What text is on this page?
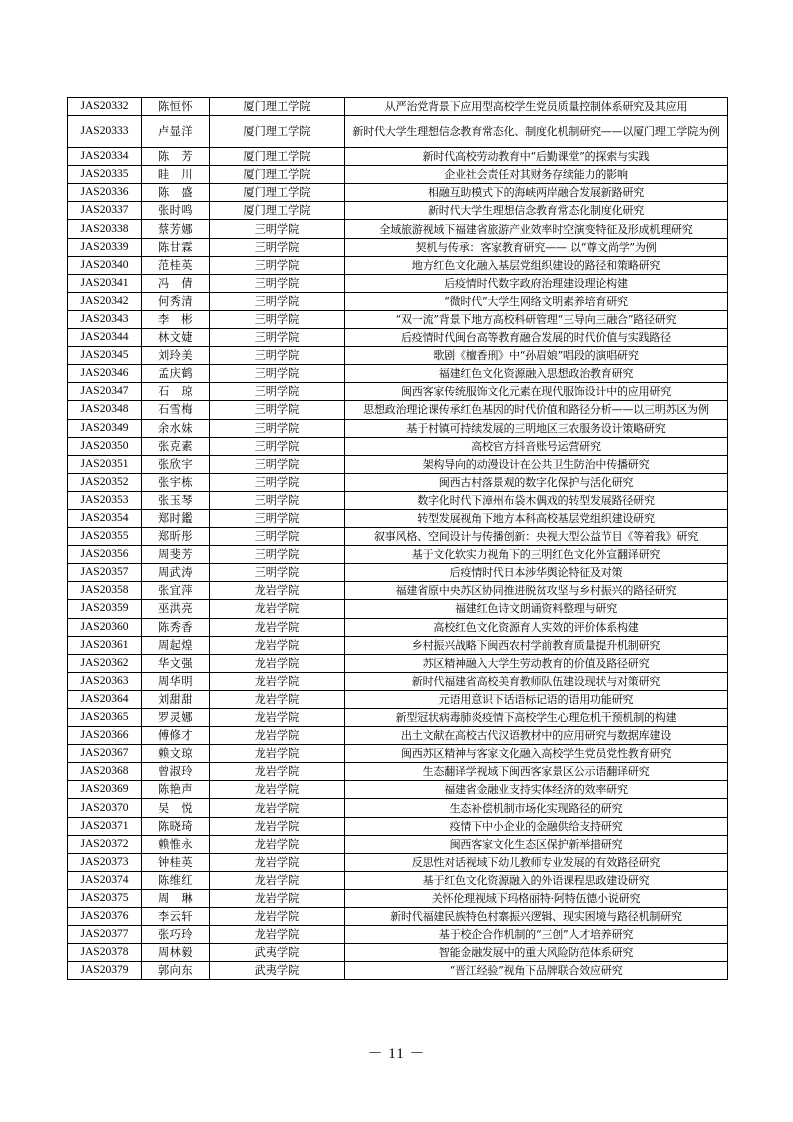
JAS20332	陈恒怀	厦门理工学院	从严治党背景下应用型高校学生党员质量控制体系研究及其应用
JAS20333	卢显洋	厦门理工学院	新时代大学生理想信念教育常态化、制度化机制研究——以厦门理工学院为例
JAS20334	陈　芳	厦门理工学院	新时代高校劳动教育中“后勤课堂”的探索与实践
JAS20335	眭　川	厦门理工学院	企业社会责任对其财务存续能力的影响
JAS20336	陈　盛	厦门理工学院	相融互助模式下的海峡两岸融合发展新路研究
JAS20337	张时鸣	厦门理工学院	新时代大学生理想信念教育常态化制度化研究
JAS20338	蔡芳娜	三明学院	全域旅游视域下福建省旅游产业效率时空演变特征及形成机理研究
JAS20339	陈甘霖	三明学院	契机与传承：客家教育研究—— 以“尊文尚学”为例
JAS20340	范桂英	三明学院	地方红色文化融入基层党组织建设的路径和策略研究
JAS20341	冯　倩	三明学院	后疫情时代数字政府治理建设理论构建
JAS20342	何秀清	三明学院	“微时代”大学生网络文明素养培育研究
JAS20343	李　彬	三明学院	“双一流”背景下地方高校科研管理“三导向三融合”路径研究
JAS20344	林文婕	三明学院	后疫情时代闽台高等教育融合发展的时代价值与实践路径
JAS20345	刘玲美	三明学院	歌剧《檀香刑》中“孙眉娘”唱段的演唱研究
JAS20346	孟庆鹤	三明学院	福建红色文化资源融入思想政治教育研究
JAS20347	石　琼	三明学院	闽西客家传统服饰文化元素在现代服饰设计中的应用研究
JAS20348	石雪梅	三明学院	思想政治理论课传承红色基因的时代价值和路径分析——以三明苏区为例
JAS20349	余水妹	三明学院	基于村镇可持续发展的三明地区三农服务设计策略研究
JAS20350	张克素	三明学院	高校官方抖音账号运营研究
JAS20351	张欣宇	三明学院	架构导向的动漫设计在公共卫生防治中传播研究
JAS20352	张宇栋	三明学院	闽西古村落景观的数字化保护与活化研究
JAS20353	张玉琴	三明学院	数字化时代下漳州布袋木偶戏的转型发展路径研究
JAS20354	郑时鑑	三明学院	转型发展视角下地方本科高校基层党组织建设研究
JAS20355	郑昕彤	三明学院	叙事风格、空间设计与传播创新：央视大型公益节目《等着我》研究
JAS20356	周斐芳	三明学院	基于文化软实力视角下的三明红色文化外宣翻译研究
JAS20357	周武涛	三明学院	后疫情时代日本涉华舆论特征及对策
JAS20358	张宜萍	龙岩学院	福建省原中央苏区协同推进脱贫攻坚与乡村振兴的路径研究
JAS20359	巫洪亮	龙岩学院	福建红色诗文朗诵资料整理与研究
JAS20360	陈秀香	龙岩学院	高校红色文化资源育人实效的评价体系构建
JAS20361	周起煌	龙岩学院	乡村振兴战略下闽西农村学前教育质量提升机制研究
JAS20362	华文强	龙岩学院	苏区精神融入大学生劳动教育的价值及路径研究
JAS20363	周华明	龙岩学院	新时代福建省高校美育教师队伍建设现状与对策研究
JAS20364	刘甜甜	龙岩学院	元语用意识下话语标记语的语用功能研究
JAS20365	罗灵娜	龙岩学院	新型冠状病毒肺炎疫情下高校学生心理危机干预机制的构建
JAS20366	傅修才	龙岩学院	出土文献在高校古代汉语教材中的应用研究与数据库建设
JAS20367	赖文琼	龙岩学院	闽西苏区精神与客家文化融入高校学生党员党性教育研究
JAS20368	曾淑玲	龙岩学院	生态翻译学视域下闽西客家景区公示语翻译研究
JAS20369	陈艳声	龙岩学院	福建省金融业支持实体经济的效率研究
JAS20370	吴　悦	龙岩学院	生态补偿机制市场化实现路径的研究
JAS20371	陈晓琦	龙岩学院	疫情下中小企业的金融供给支持研究
JAS20372	赖惟永	龙岩学院	闽西客家文化生态区保护新举措研究
JAS20373	钟桂英	龙岩学院	反思性对话视域下幼儿教师专业发展的有效路径研究
JAS20374	陈维红	龙岩学院	基于红色文化资源融入的外语课程思政建设研究
JAS20375	周　琳	龙岩学院	关怀伦理视域下玛格丽特·阿特伍德小说研究
JAS20376	李云轩	龙岩学院	新时代福建民族特色村寨振兴逻辑、现实困境与路径机制研究
JAS20377	张巧玲	龙岩学院	基于校企合作机制的“三创”人才培养研究
JAS20378	周林毅	武夷学院	智能金融发展中的重大风险防范体系研究
JAS20379	郭向东	武夷学院	“晋江经验”视角下品牌联合效应研究
－ 11 －
